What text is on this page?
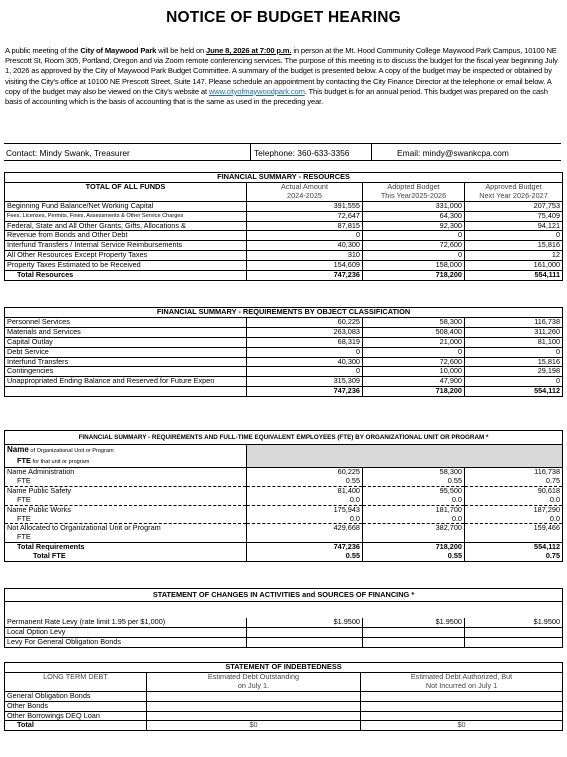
NOTICE OF BUDGET HEARING
A public meeting of the City of Maywood Park will be held on June 8, 2026 at 7:00 p.m. in person at the Mt. Hood Community College Maywood Park Campus, 10100 NE Prescott St, Room 305, Portland, Oregon and via Zoom remote conferencing services. The purpose of this meeting is to discuss the budget for the fiscal year beginning July 1, 2026 as approved by the City of Maywood Park Budget Committee. A summary of the budget is presented below. A copy of the budget may be inspected or obtained by visiting the City's office at 10100 NE Prescott Street, Suite 147. Please schedule an appointment by contacting the City Finance Director at the telephone or email below. A copy of the budget may also be viewed on the City's website at www.cityofmaywoodpark.com. This budget is for an annual period. This budget was prepared on the cash basis of accounting which is the basis of accounting that is the same as used in the preceding year.
Contact: Mindy Swank, Treasurer	Telephone: 360-633-3356	Email: mindy@swankcpa.com
FINANCIAL SUMMARY - RESOURCES			
TOTAL OF ALL FUNDS	Actual Amount	Adopted Budget	Approved Budget
	2024-2025	This Year2025-2026	Next Year 2026-2027
Beginning Fund Balance/Net Working Capital	391,555	331,000	207,753
Fees, Licenses, Permits, Fines, Assessments & Other Service Charges	72,647	64,300	75,409
Federal, State and All Other Grants, Gifts, Allocations &	87,815	92,300	94,121
Revenue from Bonds and Other Debt	0	0	0
Interfund Transfers / Internal Service Reimbursements	40,300	72,600	15,816
All Other Resources Except Property Taxes	310	0	12
Property Taxes Estimated to be Received	154,609	158,000	161,000
Total Resources	747,236	718,200	554,111
FINANCIAL SUMMARY - REQUIREMENTS BY OBJECT CLASSIFICATION			
Personnel Services	60,225	58,300	116,738
Materials and Services	263,083	508,400	311,260
Capital Outlay	68,319	21,000	81,100
Debt Service	0	0	0
Interfund Transfers	40,300	72,600	15,816
Contingencies	0	10,000	29,198
Unappropriated Ending Balance and Reserved for Future Expen	315,309	47,900	0
	747,236	718,200	554,112
FINANCIAL SUMMARY - REQUIREMENTS AND FULL-TIME EQUIVALENT EMPLOYEES (FTE) BY ORGANIZATIONAL UNIT OR PROGRAM *			
Name of Organizational Unit or Program			
FTE for that unit or program			
Name Administration	60,225	58,300	116,738
FTE	0.55	0.55	0.75
Name Public Safety	81,400	95,500	90,618
FTE	0.0	0.0	0.0
Name Public Works	175,943	181,700	187,290
FTE	0.0	0.0	0.0
Not Allocated to Organizational Unit or Program	429,668	382,700	159,466
FTE			
Total Requirements	747,236	718,200	554,112
Total FTE	0.55	0.55	0.75
STATEMENT OF CHANGES IN ACTIVITIES and SOURCES OF FINANCING *			

Permanent Rate Levy (rate limit 1.95 per $1,000)	$1.9500	$1.9500	$1.9500
Local Option Levy			
Levy For General Obligation Bonds			
STATEMENT OF INDEBTEDNESS		
LONG TERM DEBT	Estimated Debt Outstanding	Estimated Debt Authorized, But
	on July 1.	Not Incurred on July 1
General Obligation Bonds		
Other Bonds		
Other Borrowings DEQ Loan		
Total	$0	$0
